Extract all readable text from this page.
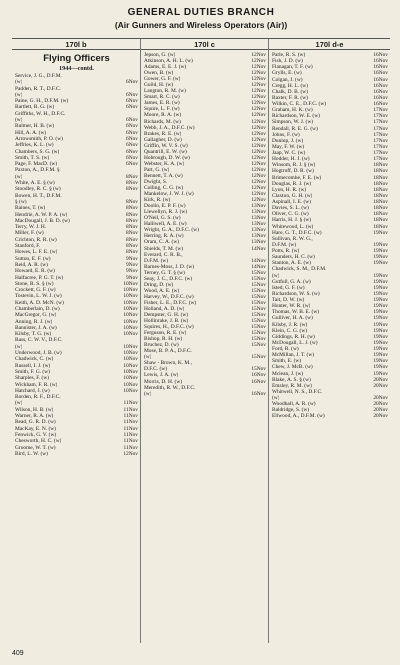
GENERAL DUTIES BRANCH
(Air Gunners and Wireless Operators (Air))
170l b
Flying Officers
1944—contd.
Service, J. G., D.F.M.
(w)	6Nov
Padden, R. T., D.F.C.
(w)	6Nov
Paine, G. H., D.F.M. (w)	6Nov
Bartlett, R. G. (w)	6Nov
Griffiths, W. H., D.F.C.
(w)	6Nov
Bulmer, H. B. (w)	6Nov
Hill, A. A. (w)	6Nov
Arrowsmith, P. O. (w)	6Nov
Jeffries, K. L. (w)	6Nov
Chambers, S. G. (w)	6Nov
Smith, T. S. (w)	6Nov
Page, F. MacD. (w)	6Nov
Paxton, A., D.F.M. §
(w)	8Nov
White, A. E. § (w)	8Nov
Stoodley, R. C. § (w)	8Nov
Bowen, H. T., D.F.M.
§ (w)	8Nov
Baines, T. (w)	8Nov
Hendrie, A. W. P. A. (w)	8Nov
MacDougall, J. B. D. (w)	8Nov
Terry, W. J. H.	8Nov
Miller, F. (w)	8Nov
Crichton, R. R. (w)	8Nov
Stanford, F.	8Nov
Howes, L. F. E. (w)	8Nov
Sutton, E. F. (w)	9Nov
Reid, A. R. (w)	9Nov
Howard, E. R. (w)	9Nov
Halfacree, P. G. T. (w)	9Nov
Stone, R. S. § (w)	10Nov
Crockett, G. F. (w)	10Nov
Tostevin, L. W. J. (w)	10Nov
Keith, A. D. McN. (w)	10Nov
Chamberlain, D. (w)	10Nov
MacGregor, G. (w)	10Nov
Anning, R. J. (w)	10Nov
Bannister, J. A. (w)	10Nov
Kilsby, T. G. (w)	10Nov
Bass, C. W. V., D.F.C.
(w)	10Nov
Underwood, J. B. (w)	10Nov
Chadwick, C. (w)	10Nov
Russell, I. J. (w)	10Nov
Smith, F. G. (w)	10Nov
Sharples, F. (w)	10Nov
Wickham, F. R. (w)	10Nov
Hatchard, J. (w)	10Nov
Borden, R. F., D.F.C.
(w)	11Nov
Wilson, H. B. (w)	11Nov
Warner, R. A. (w)	11Nov
Read, G. R. D. (w)	11Nov
MacKay, E. N. (w)	11Nov
Fenwick, G. V. (w)	11Nov
Chesworth, H. C. (w)	11Nov
Groome, W. T. (w)	11Nov
Bird, L. W. (w)	12Nov
170l c
Jepson, G. (w)	12Nov
Atkinson, A. H. L. (w)	12Nov
Adams, E. E. J. (w)	12Nov
Owen, B. (w)	12Nov
Gower, G. F. (w)	12Nov
Guild, H. (w)	12Nov
Langton, R. M. (w)	12Nov
Smart, R. C. (w)	12Nov
James, E. R. (w)	12Nov
Squire, L. F. (w)	12Nov
Moore, R. A. (w)	12Nov
Richards, M. (w)	12Nov
Webb, J. A., D.F.C. (w)	12Nov
Brakes, R. E. (w)	12Nov
Gallagher, D. (w)	12Nov
Griffin, W. V. S. (w)	12Nov
Quantrill, E. W. (w)	12Nov
Hobrough, D. W. (w)	12Nov
Webster, K. A. (w)	12Nov
Part, G. (w)	12Nov
Bennett, T. A. (w)	12Nov
Dwight, S.	12Nov
Colling, C. G. (w)	12Nov
Mankelow, J. W. J. (w)	12Nov
Kirk, R. (w)	12Nov
Doolin, E. P. F. (w)	13Nov
Llewellyn, R. J. (w)	13Nov
O'Neil, G. S. (w)	13Nov
Halliwell, A. E. (w)	13Nov
Wright, G. A., D.F.C. (w)	13Nov
Herring, R. A. (w)	13Nov
Oram, C. A. (w)	13Nov
Shields, T. M. (w)	14Nov
Everard, C. R. B.,
D.F.M. (w)	14Nov
Barnes-Moss, J. D. (w)	14Nov
Terney, G. T. § (w)	15Nov
Seay, J. C., D.F.C. (w)	15Nov
Dring, D. (w)	15Nov
Wood, A. E. (w)	15Nov
Harvey, W., D.F.C. (w)	15Nov
Fisher, L. E., D.F.C. (w)	15Nov
Holland, A. D. (w)	15Nov
Dempster, G. H. (w)	15Nov
Hollinrake, J. B. (w)	15Nov
Squires, H., D.F.C. (w)	15Nov
Ferguson, R. E. (w)	15Nov
Bishop, R. H. (w)	15Nov
Bruchez, D. (w)	15Nov
Mose, B. P. A., D.F.C.
(w)	15Nov
Shaw - Brown, K. M.,
D.F.C. (w)	15Nov
Lewis, J. A. (w)	16Nov
Morris, D. H. (w)	16Nov
Meredith, R. W., D.F.C.
(w)	16Nov
170l d-e
Parle, R. S. (w)	16Nov
Fish, J. D. (w)	16Nov
Flanagan, T. F. (w)	16Nov
Grylls, E. (w)	16Nov
Colgan, J. (w)	16Nov
Cregg, H. L. (w)	16Nov
Chalk, D. B. (w)	16Nov
Baxter, F. R. (w)	16Nov
Wilkin, C. E., D.F.C. (w)	16Nov
Graham, H. K. (w)	17Nov
Richardson, W. E. (w)	17Nov
Simpson, W. J. (w)	17Nov
Rendall, R. E. G. (w)	17Nov
Johns, F. (w)	17Nov
Dunlop, J. (w)	17Nov
May, F. W. (w)	17Nov
Jaap, W. C. (w)	17Nov
Hodder, H. J. (w)	17Nov
Winsom, R. J. § (w)	18Nov
Hogtroff, D. R. (w)	18Nov
Brimecombe, F. E. (w)	18Nov
Douglas, R. J. (w)	18Nov
Lyon, H. R. (w)	18Nov
Claxton, G. H. (w)	18Nov
Aspinall, I. E. (w)	18Nov
Davies, S. L. (w)	18Nov
Oliver, C. G. (w)	18Nov
Harris, H. J. § (w)	18Nov
Whitewood, L. (w)	18Nov
Hare, G. T., D.F.C. (w)	19Nov
Sullivan, R. W. G.,
D.F.M. (w)	19Nov
Potts, R. (w)	19Nov
Saunders, H. C. (w)	19Nov
Stanton, A. E. (w)	19Nov
Chadwick, S. M., D.F.M.
(w)	19Nov
Gutfull, G. A. (w)	19Nov
Isted, G. F. (w)	19Nov
Richardson, W. S. (w)	19Nov
Tait, D. W. (w)	19Nov
Hunter, W. R. (w)	19Nov
Thomas, W. B. E. (w)	19Nov
Gulliver, H. A. (w)	19Nov
Kilsby, J. R. (w)	19Nov
Klein, C. G. (w)	19Nov
Giddings, R. H. (w)	19Nov
McDougall, L. J. (w)	19Nov
Ford, R. (w)	19Nov
McMillan, J. T. (w)	19Nov
Smith, E. (w)	19Nov
Chew, J. McB. (w)	19Nov
Mclean, J. (w)	19Nov
Blake, A. S. § (w)	20Nov
Emsley, R. M. (w)	20Nov
Whitwell, N. S., D.F.C.
(w)	20Nov
Woodhall, A. R. (w)	20Nov
Baldridge, S. (w)	20Nov
Ellwood, A., D.F.M. (w)	20Nov
409
